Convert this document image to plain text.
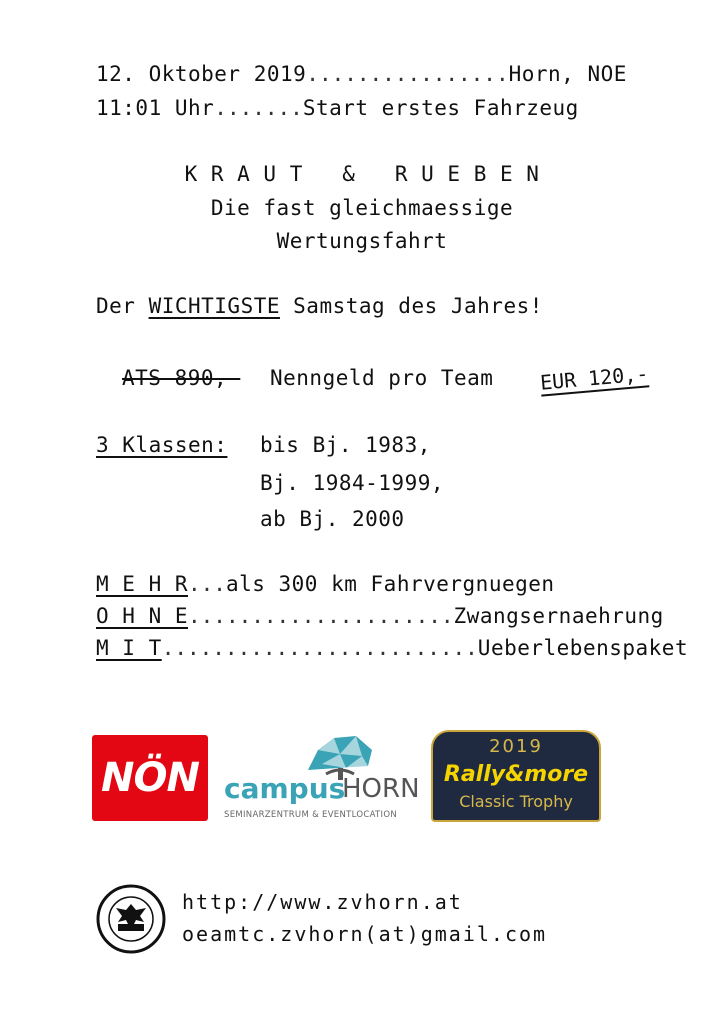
12. Oktober 2019................Horn, NOE
11:01 Uhr.......Start erstes Fahrzeug
K R A U T   &   R U E B E N
Die fast gleichmaessige
Wertungsfahrt
Der WICHTIGSTE Samstag des Jahres!
ATS 890,- Nenngeld pro Team EUR 120,-
3 Klassen: bis Bj. 1983,
Bj. 1984-1999,
ab Bj. 2000
M E H R...als 300 km Fahrvergnuegen
O H N E.....................Zwangsernaehrung
M I T.........................Ueberlebenspaket
NÖN campus
HORN
SEMINARZENTRUM & EVENTLOCATION
2019
Rally&more
Classic Trophy
http://www.zvhorn.at
oeamtc.zvhorn(at)gmail.com
